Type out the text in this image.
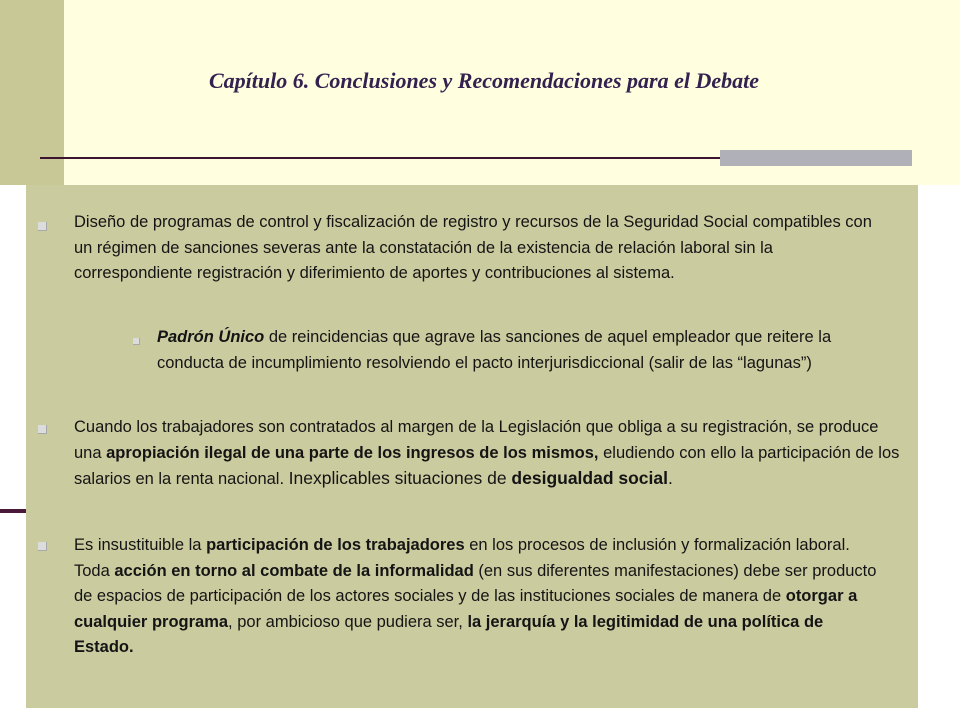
Capítulo 6. Conclusiones y Recomendaciones para el Debate
Diseño de programas de control y fiscalización de registro y recursos de la Seguridad Social compatibles con un régimen de sanciones severas ante la constatación de la existencia de relación laboral sin la correspondiente registración y diferimiento de aportes y contribuciones al sistema.
Padrón Único de reincidencias que agrave las sanciones de aquel empleador que reitere la conducta de incumplimiento resolviendo el pacto interjurisdiccional (salir de las “lagunas”)
Cuando los trabajadores son contratados al margen de la Legislación que obliga a su registración, se produce una apropiación ilegal de una parte de los ingresos de los mismos, eludiendo con ello la participación de los salarios en la renta nacional. Inexplicables situaciones de desigualdad social.
Es insustituible la participación de los trabajadores en los procesos de inclusión y formalización laboral. Toda acción en torno al combate de la informalidad (en sus diferentes manifestaciones) debe ser producto de espacios de participación de los actores sociales y de las instituciones sociales de manera de otorgar a cualquier programa, por ambicioso que pudiera ser, la jerarquía y la legitimidad de una política de Estado.
